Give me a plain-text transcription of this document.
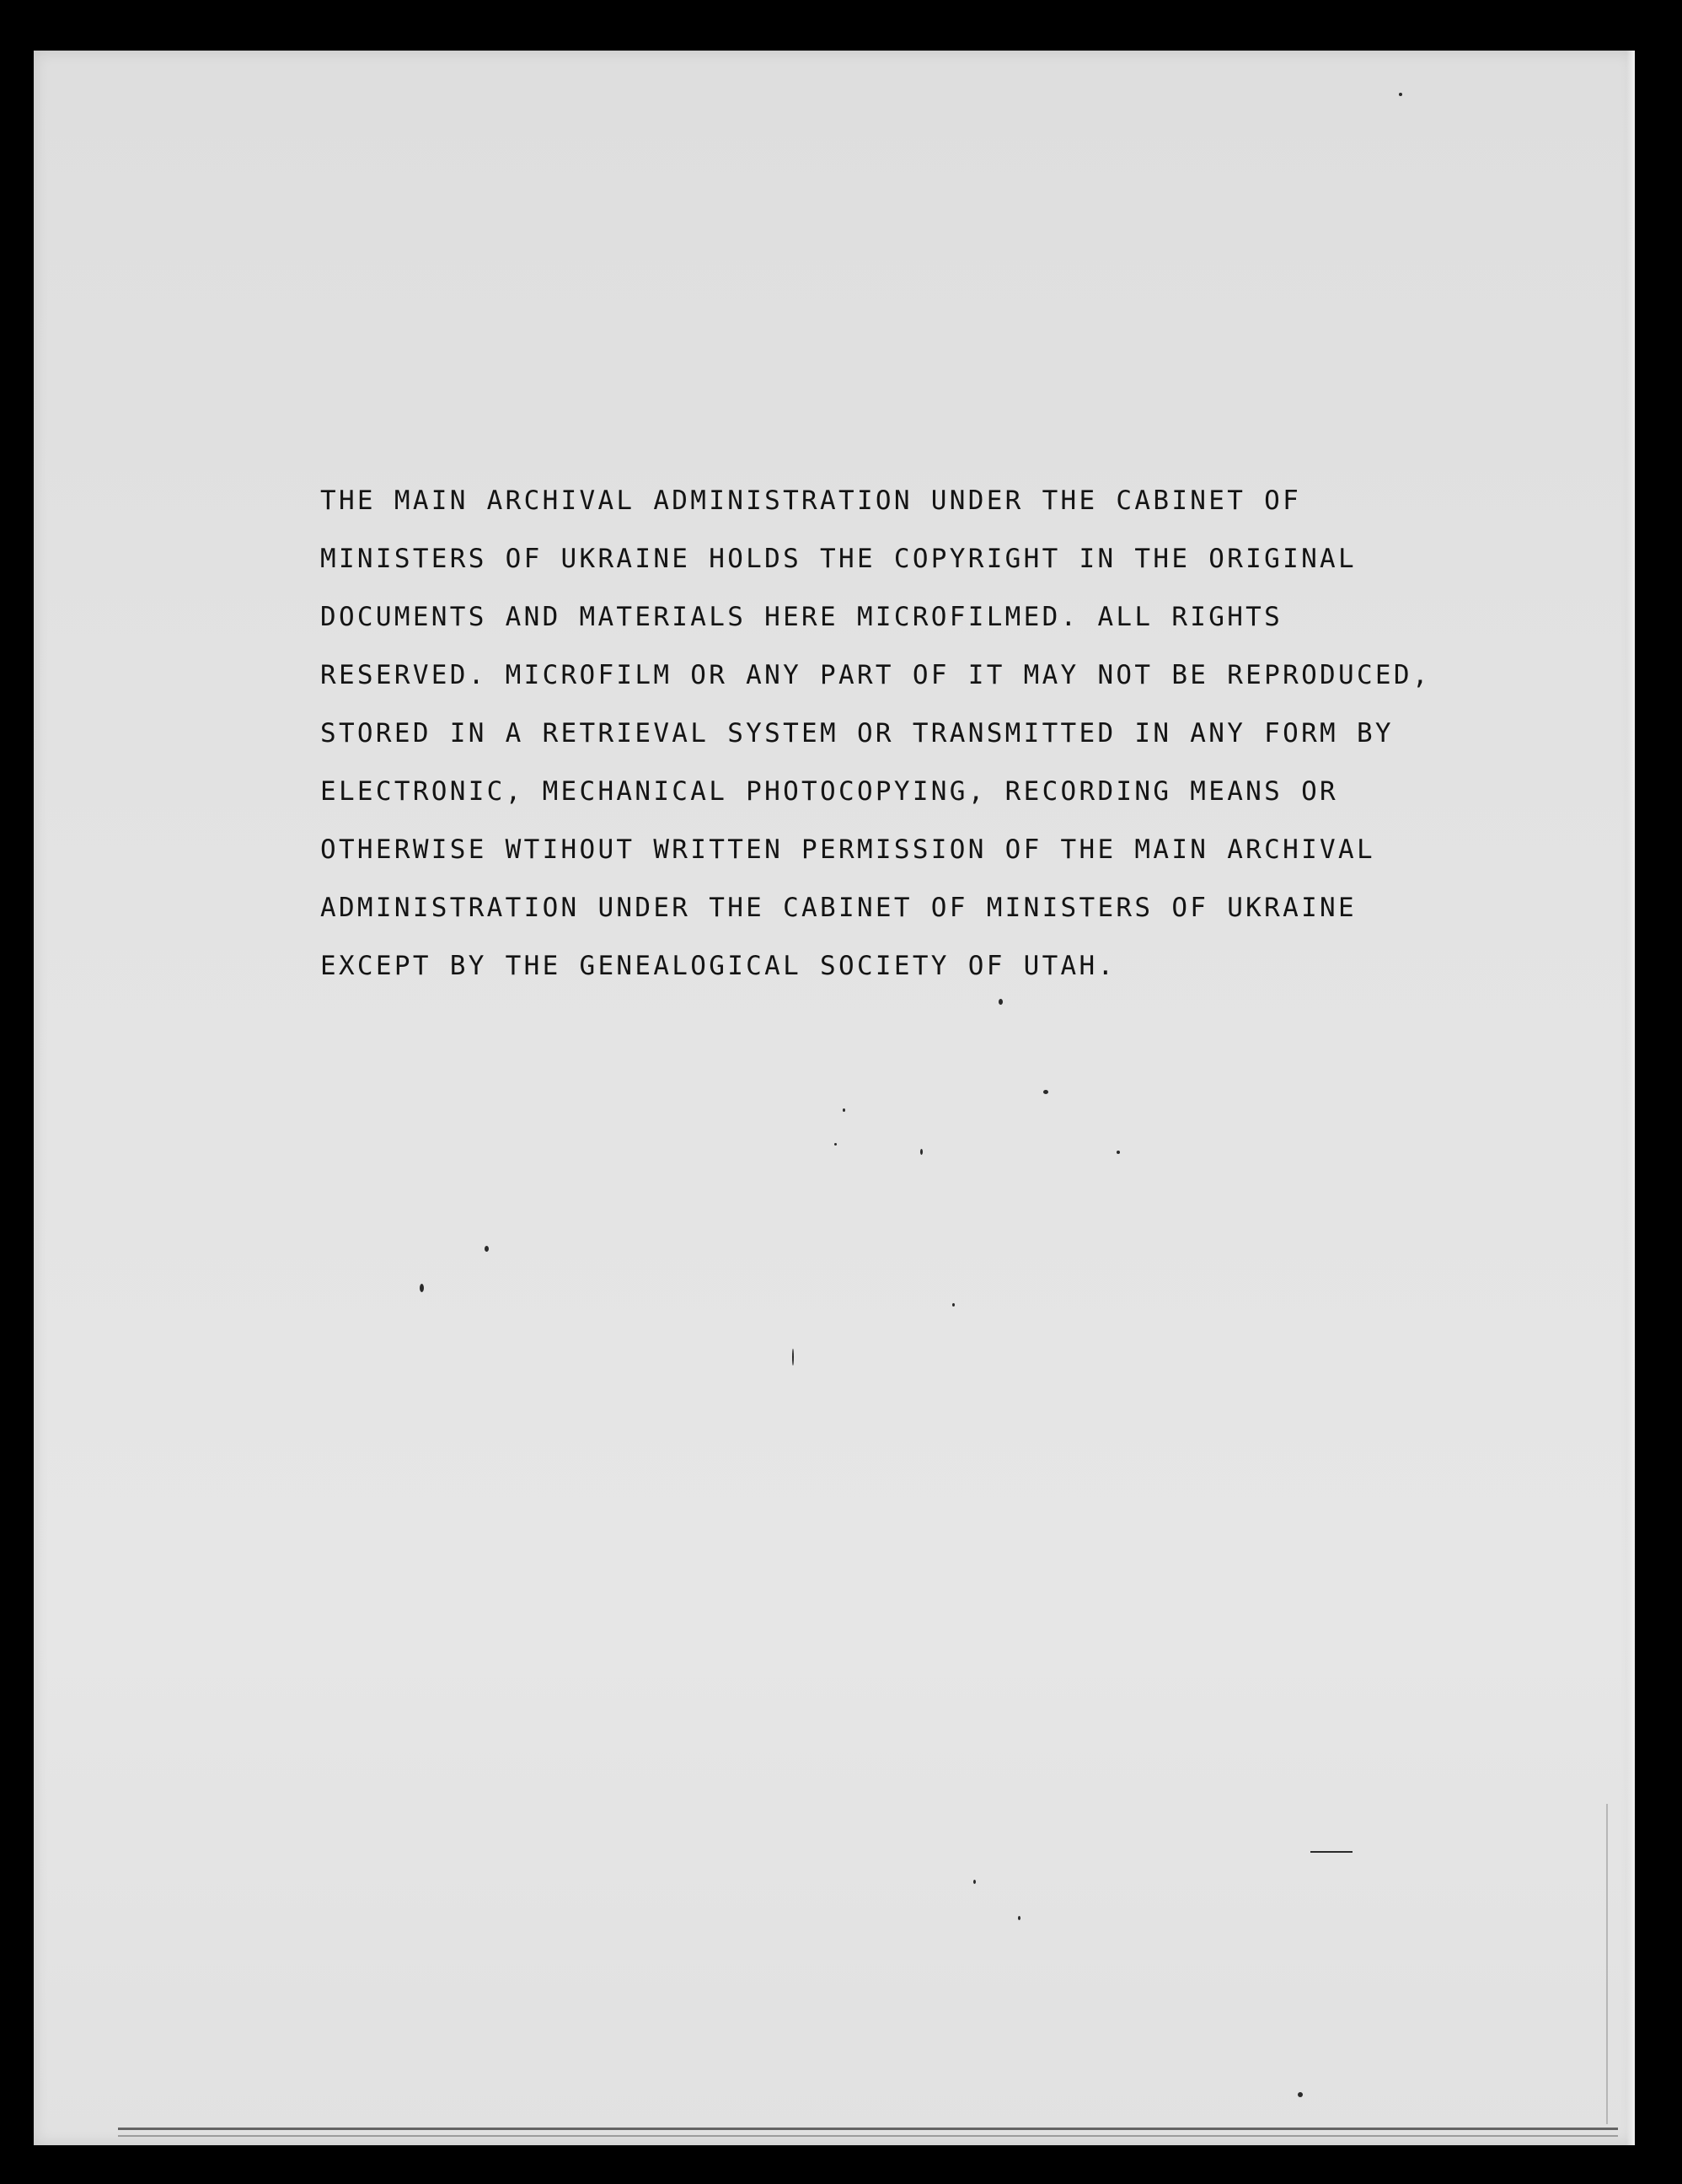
THE MAIN ARCHIVAL ADMINISTRATION UNDER THE CABINET OF
MINISTERS OF UKRAINE HOLDS THE COPYRIGHT IN THE ORIGINAL
DOCUMENTS AND MATERIALS HERE MICROFILMED. ALL RIGHTS
RESERVED. MICROFILM OR ANY PART OF IT MAY NOT BE REPRODUCED,
STORED IN A RETRIEVAL SYSTEM OR TRANSMITTED IN ANY FORM BY
ELECTRONIC, MECHANICAL PHOTOCOPYING, RECORDING MEANS OR
OTHERWISE WTIHOUT WRITTEN PERMISSION OF THE MAIN ARCHIVAL
ADMINISTRATION UNDER THE CABINET OF MINISTERS OF UKRAINE
EXCEPT BY THE GENEALOGICAL SOCIETY OF UTAH.
